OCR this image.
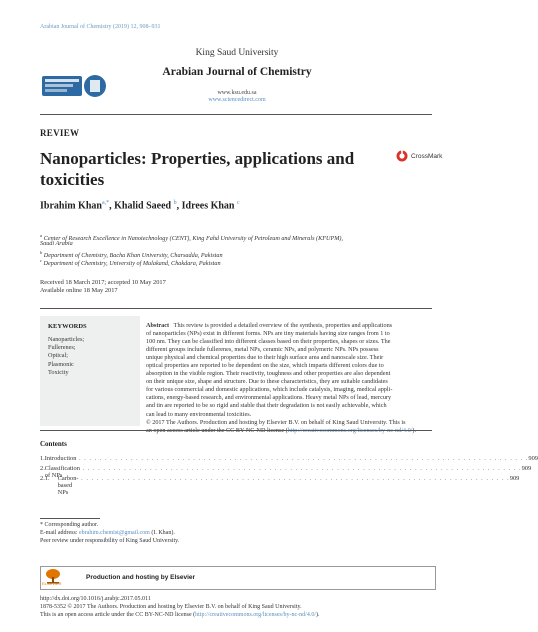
Arabian Journal of Chemistry (2019) 12, 908–931
King Saud University
Arabian Journal of Chemistry
www.ksu.edu.sa
www.sciencedirect.com
REVIEW
Nanoparticles: Properties, applications and toxicities
CrossMark
Ibrahim Khan$^{a,*}$, Khalid Saeed $^b$, Idrees Khan $^c$
$^a$ Center of Research Excellence in Nanotechnology (CENT), King Fahd University of Petroleum and Minerals (KFUPM),
Saudi Arabia
$^b$ Department of Chemistry, Bacha Khan University, Charsadda, Pakistan
$^c$ Department of Chemistry, University of Malakand, Chakdara, Pakistan
Received 18 March 2017; accepted 10 May 2017
Available online 18 May 2017
KEYWORDS
Nanoparticles;
Fullerenes;
Optical;
Plasmonic
Toxicity
Abstract This review is provided a detailed overview of the synthesis, properties and applications
of nanoparticles (NPs) exist in different forms. NPs are tiny materials having size ranges from 1 to
100 nm. They can be classified into different classes based on their properties, shapes or sizes. The
different groups include fullerenes, metal NPs, ceramic NPs, and polymeric NPs. NPs possess
unique physical and chemical properties due to their high surface area and nanoscale size. Their
optical properties are reported to be dependent on the size, which imparts different colors due to
absorption in the visible region. Their reactivity, toughness and other properties are also dependent
on their unique size, shape and structure. Due to these characteristics, they are suitable candidates
for various commercial and domestic applications, which include catalysis, imaging, medical appli-
cations, energy-based research, and environmental applications. Heavy metal NPs of lead, mercury
and tin are reported to be so rigid and stable that their degradation is not easily achievable, which
can lead to many environmental toxicities.
© 2017 The Authors. Production and hosting by Elsevier B.V. on behalf of King Saud University. This is
Contents
1. Introduction . . . . . . . . . . . . . . . . . . . . . . . . . . . . . . . . . . . . . . . . . . . . . . . . . . . . . . . . . . . . . . . . . . . . . . . . . . . . . . . . . . . . . . . 909
2. Classification of NPs
. . . . . . . . . . . . . . . . . . . . . . . . . . . . . . . . . . . . . . . . . . . . . . . . . . . . . . . . . . . . . . . . . . . . . . . . . . . . . . . . . . . . . 909
2.1.	Carbon-based NPs
. . . . . . . . . . . . . . . . . . . . . . . . . . . . . . . . . . . . . . . . . . . . . . . . . . . . . . . . . . . . . . . . . . . . . . . . . . . . . . . . . . . 909
* Corresponding author.
E-mail address: ebrahim.chemist@gmail.com (I. Khan).
Peer review under responsibility of King Saud University.
ELSEVIER
Production and hosting by Elsevier
http://dx.doi.org/10.1016/j.arabjc.2017.05.011
1878-5352 © 2017 The Authors. Production and hosting by Elsevier B.V. on behalf of King Saud University.
This is an open access article under the CC BY-NC-ND license (http://creativecommons.org/licenses/by-nc-nd/4.0/).
